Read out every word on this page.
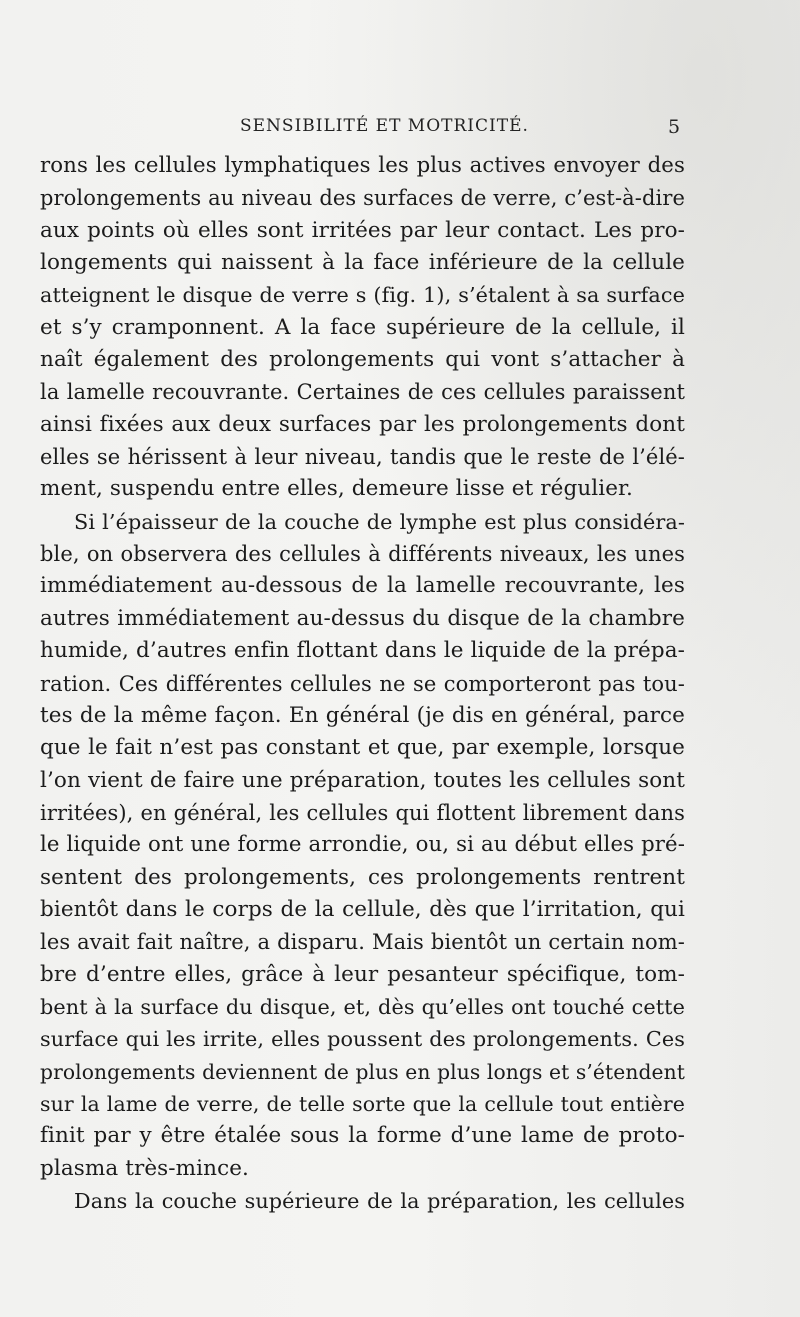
SENSIBILITÉ ET MOTRICITÉ.	5
rons les cellules lymphatiques les plus actives envoyer des
prolongements au niveau des surfaces de verre, c’est-à-dire
aux points où elles sont irritées par leur contact. Les pro-
longements qui naissent à la face inférieure de la cellule
atteignent le disque de verre s (fig. 1), s’étalent à sa surface
et s’y cramponnent. A la face supérieure de la cellule, il
naît également des prolongements qui vont s’attacher à
la lamelle recouvrante. Certaines de ces cellules paraissent
ainsi fixées aux deux surfaces par les prolongements dont
elles se hérissent à leur niveau, tandis que le reste de l’élé-
ment, suspendu entre elles, demeure lisse et régulier.
Si l’épaisseur de la couche de lymphe est plus considéra-
ble, on observera des cellules à différents niveaux, les unes
immédiatement au-dessous de la lamelle recouvrante, les
autres immédiatement au-dessus du disque de la chambre
humide, d’autres enfin flottant dans le liquide de la prépa-
ration. Ces différentes cellules ne se comporteront pas tou-
tes de la même façon. En général (je dis en général, parce
que le fait n’est pas constant et que, par exemple, lorsque
l’on vient de faire une préparation, toutes les cellules sont
irritées), en général, les cellules qui flottent librement dans
le liquide ont une forme arrondie, ou, si au début elles pré-
sentent des prolongements, ces prolongements rentrent
bientôt dans le corps de la cellule, dès que l’irritation, qui
les avait fait naître, a disparu. Mais bientôt un certain nom-
bre d’entre elles, grâce à leur pesanteur spécifique, tom-
bent à la surface du disque, et, dès qu’elles ont touché cette
surface qui les irrite, elles poussent des prolongements. Ces
prolongements deviennent de plus en plus longs et s’étendent
sur la lame de verre, de telle sorte que la cellule tout entière
finit par y être étalée sous la forme d’une lame de proto-
plasma très-mince.
Dans la couche supérieure de la préparation, les cellules
